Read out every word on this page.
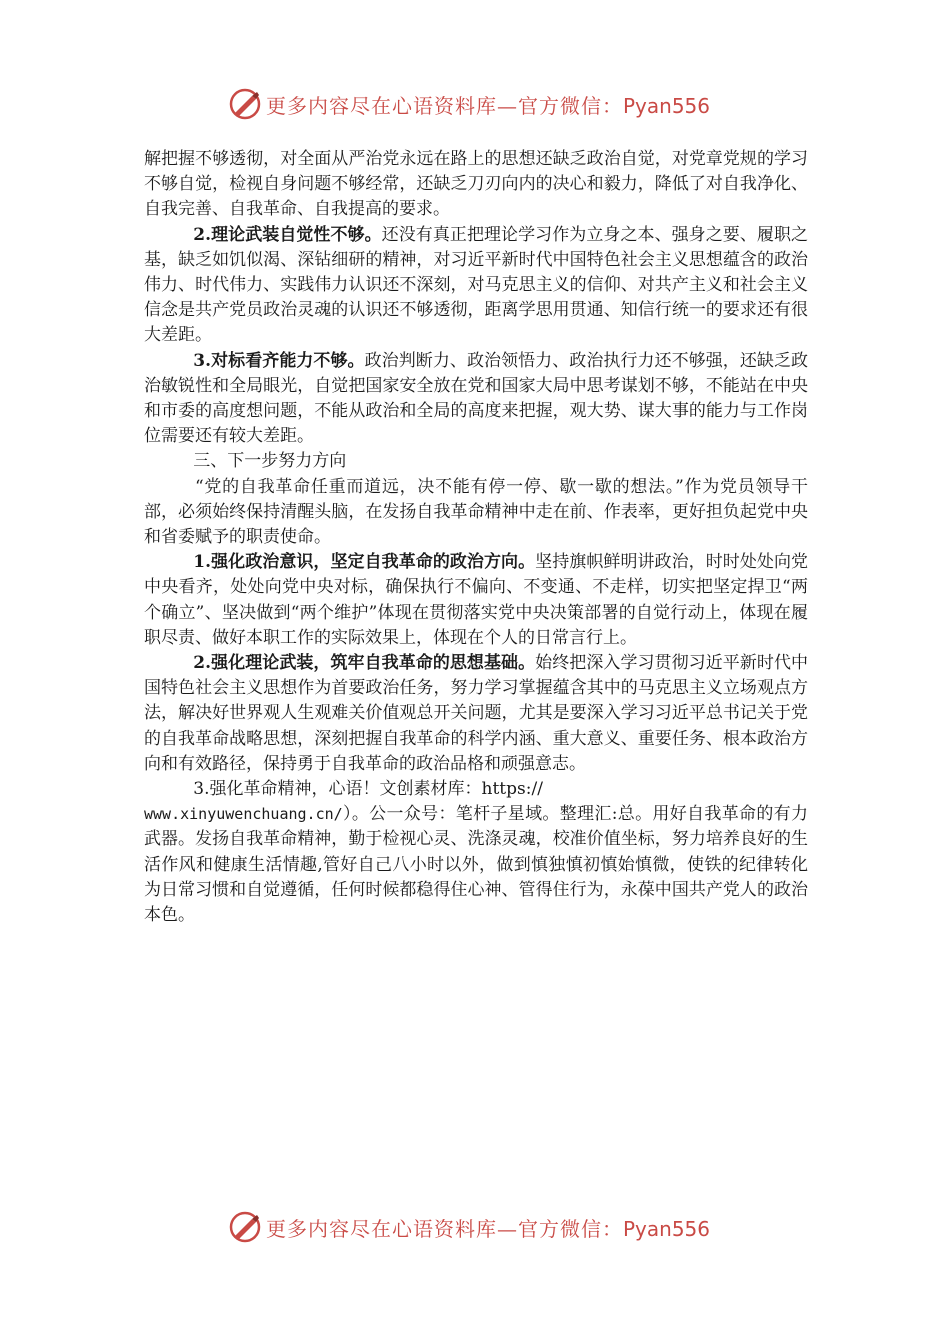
更多内容尽在心语资料库—官方微信：Pyan556

解把握不够透彻，对全面从严治党永远在路上的思想还缺乏政治自觉，对党章党规的学习不够自觉，检视自身问题不够经常，还缺乏刀刃向内的决心和毅力，降低了对自我净化、自我完善、自我革命、自我提高的要求。

2.理论武装自觉性不够。还没有真正把理论学习作为立身之本、强身之要、履职之基，缺乏如饥似渴、深钻细研的精神，对习近平新时代中国特色社会主义思想蕴含的政治伟力、时代伟力、实践伟力认识还不深刻，对马克思主义的信仰、对共产主义和社会主义信念是共产党员政治灵魂的认识还不够透彻，距离学思用贯通、知信行统一的要求还有很大差距。

3.对标看齐能力不够。政治判断力、政治领悟力、政治执行力还不够强，还缺乏政治敏锐性和全局眼光，自觉把国家安全放在党和国家大局中思考谋划不够，不能站在中央和市委的高度想问题，不能从政治和全局的高度来把握，观大势、谋大事的能力与工作岗位需要还有较大差距。

三、下一步努力方向

“党的自我革命任重而道远，决不能有停一停、歇一歇的想法。”作为党员领导干部，必须始终保持清醒头脑，在发扬自我革命精神中走在前、作表率，更好担负起党中央和省委赋予的职责使命。

1.强化政治意识，坚定自我革命的政治方向。坚持旗帜鲜明讲政治，时时处处向党中央看齐，处处向党中央对标，确保执行不偏向、不变通、不走样，切实把坚定捍卫“两个确立”、坚决做到“两个维护”体现在贯彻落实党中央决策部署的自觉行动上，体现在履职尽责、做好本职工作的实际效果上，体现在个人的日常言行上。

2.强化理论武装，筑牢自我革命的思想基础。始终把深入学习贯彻习近平新时代中国特色社会主义思想作为首要政治任务，努力学习掌握蕴含其中的马克思主义立场观点方法，解决好世界观人生观难关价值观总开关问题，尤其是要深入学习习近平总书记关于党的自我革命战略思想，深刻把握自我革命的科学内涵、重大意义、重要任务、根本政治方向和有效路径，保持勇于自我革命的政治品格和顽强意志。

3.强化革命精神，心语！文创素材库：https://

www.xinyuwenchuang.cn/）。公一众号：笔杆子星域。整理汇:总。用好自我革命的有力武器。发扬自我革命精神，勤于检视心灵、洗涤灵魂，校准价值坐标，努力培养良好的生活作风和健康生活情趣,管好自己八小时以外，做到慎独慎初慎始慎微，使铁的纪律转化为日常习惯和自觉遵循，任何时候都稳得住心神、管得住行为，永葆中国共产党人的政治本色。

更多内容尽在心语资料库—官方微信：Pyan556
